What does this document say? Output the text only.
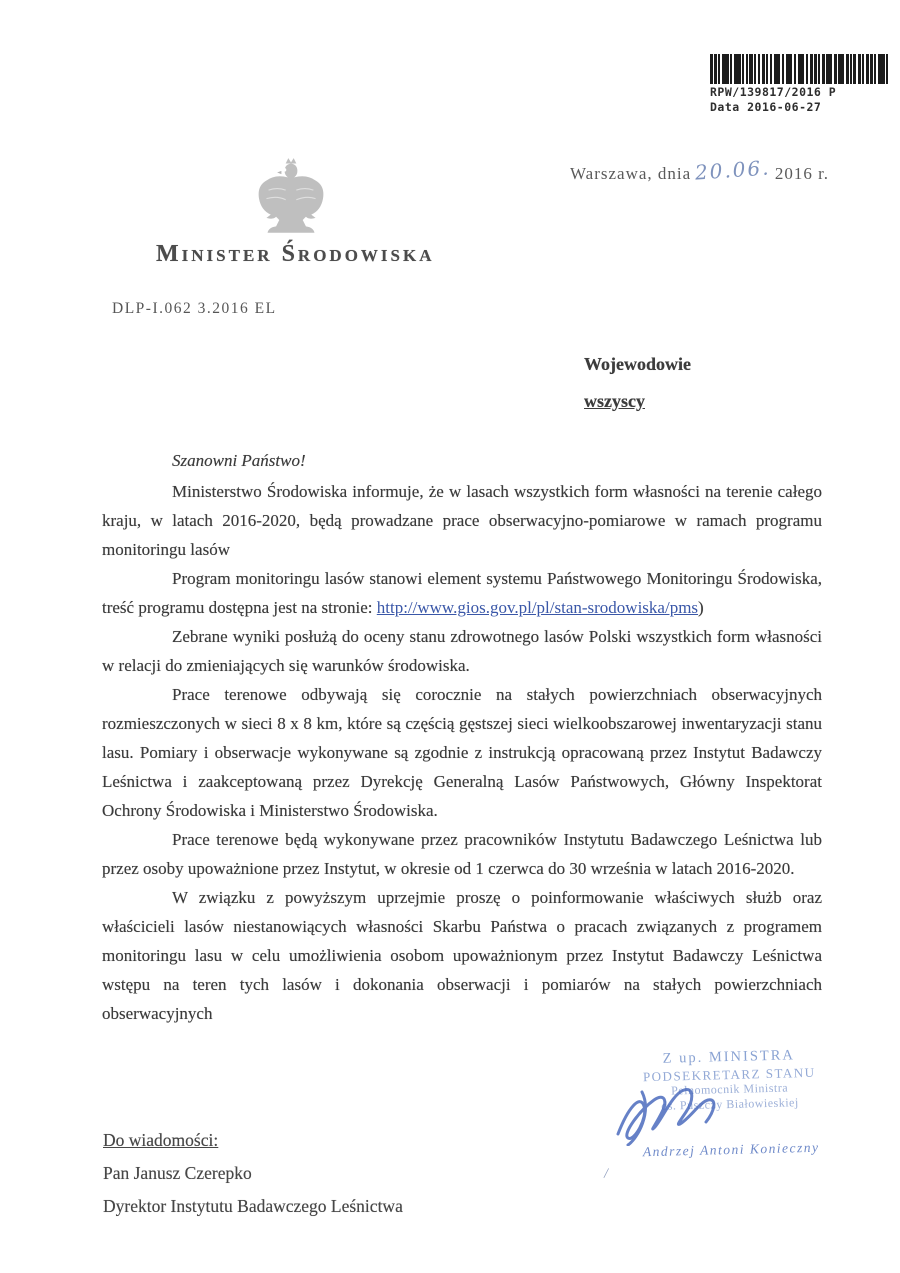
RPW/139817/2016 P
Data 2016-06-27
Warszawa, dnia 20.06. 2016 r.
Minister Środowiska
DLP-I.062 3.2016 EL
Wojewodowie
wszyscy

Szanowni Państwo!

Ministerstwo Środowiska informuje, że w lasach wszystkich form własności na terenie całego kraju, w latach 2016-2020, będą prowadzane prace obserwacyjno-pomiarowe w ramach programu monitoringu lasów

Program monitoringu lasów stanowi element systemu Państwowego Monitoringu Środowiska, treść programu dostępna jest na stronie: http://www.gios.gov.pl/pl/stan-srodowiska/pms)

Zebrane wyniki posłużą do oceny stanu zdrowotnego lasów Polski wszystkich form własności w relacji do zmieniających się warunków środowiska.

Prace terenowe odbywają się corocznie na stałych powierzchniach obserwacyjnych rozmieszczonych w sieci 8 x 8 km, które są częścią gęstszej sieci wielkoobszarowej inwentaryzacji stanu lasu. Pomiary i obserwacje wykonywane są zgodnie z instrukcją opracowaną przez Instytut Badawczy Leśnictwa i zaakceptowaną przez Dyrekcję Generalną Lasów Państwowych, Główny Inspektorat Ochrony Środowiska i Ministerstwo Środowiska.

Prace terenowe będą wykonywane przez pracowników Instytutu Badawczego Leśnictwa lub przez osoby upoważnione przez Instytut, w okresie od 1 czerwca do 30 września w latach 2016-2020.

W związku z powyższym uprzejmie proszę o poinformowanie właściwych służb oraz właścicieli lasów niestanowiących własności Skarbu Państwa o pracach związanych z programem monitoringu lasu w celu umożliwienia osobom upoważnionym przez Instytut Badawczy Leśnictwa wstępu na teren tych lasów i dokonania obserwacji i pomiarów na stałych powierzchniach obserwacyjnych

Z up. MINISTRA
PODSEKRETARZ STANU
Pełnomocnik Ministra
ds. Puszczy Białowieskiej
Andrzej Antoni Konieczny
/
Do wiadomości:
Pan Janusz Czerepko
Dyrektor Instytutu Badawczego Leśnictwa
